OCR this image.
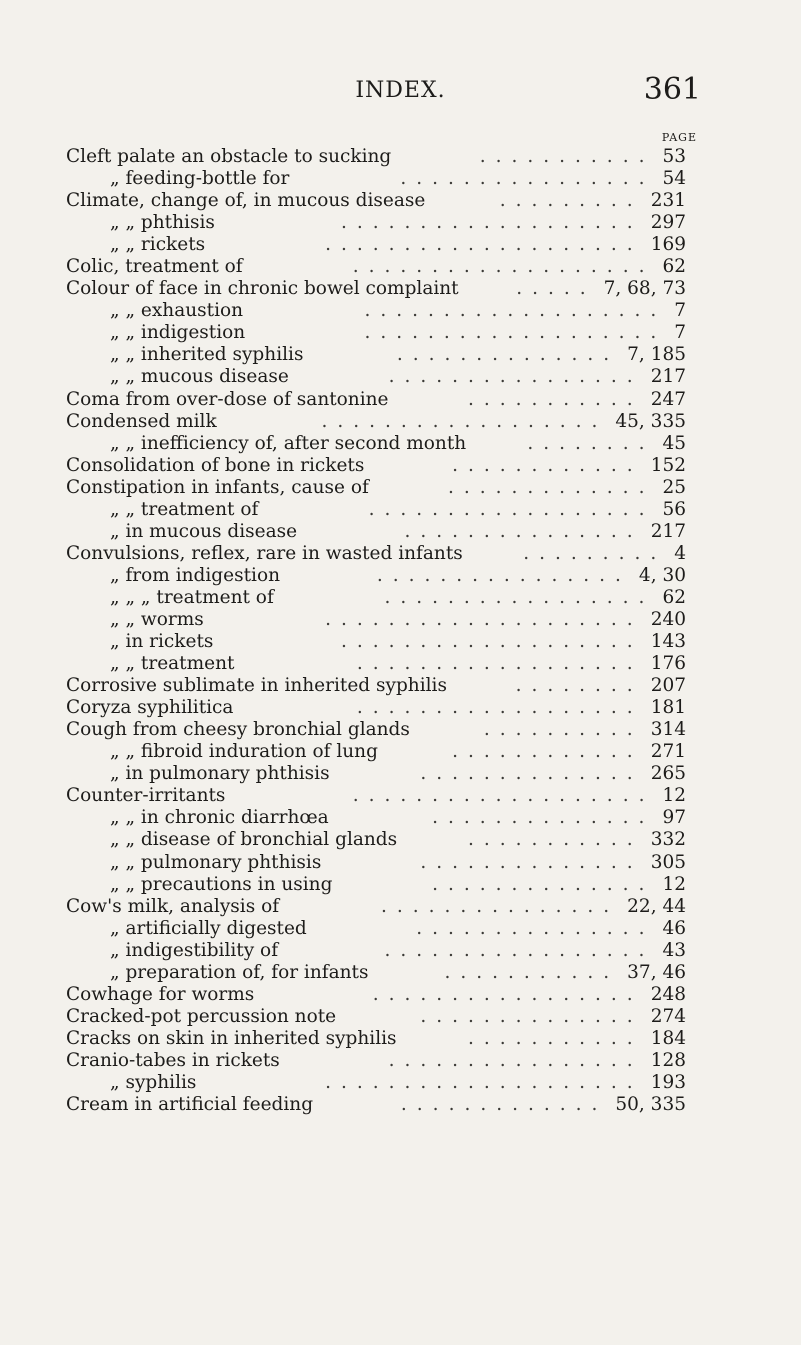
INDEX.	361
PAGE
Cleft palate an obstacle to sucking	........... 53
„ feeding-bottle for	................ 54
Climate, change of, in mucous disease	......... 231
„ „ phthisis	................... 297
„ „ rickets	.................... 169
Colic, treatment of	................... 62
Colour of face in chronic bowel complaint	..... 7, 68, 73
„ „ exhaustion	................... 7
„ „ indigestion	................... 7
„ „ inherited syphilis	.............. 7, 185
„ „ mucous disease	................ 217
Coma from over-dose of santonine	........... 247
Condensed milk	.................. 45, 335
„ „ inefficiency of, after second month	........ 45
Consolidation of bone in rickets	............ 152
Constipation in infants, cause of	............. 25
„ „ treatment of	.................. 56
„ in mucous disease	............... 217
Convulsions, reflex, rare in wasted infants	......... 4
„ from indigestion	................ 4, 30
„ „ „ treatment of	................. 62
„ „ worms	.................... 240
„ in rickets	................... 143
„ „ treatment	.................. 176
Corrosive sublimate in inherited syphilis	........ 207
Coryza syphilitica	.................. 181
Cough from cheesy bronchial glands	.......... 314
„ „ fibroid induration of lung	............ 271
„ in pulmonary phthisis	.............. 265
Counter-irritants	................... 12
„ „ in chronic diarrhœa	.............. 97
„ „ disease of bronchial glands	........... 332
„ „ pulmonary phthisis	.............. 305
„ „ precautions in using	.............. 12
Cow's milk, analysis of	............... 22, 44
„ artificially digested	............... 46
„ indigestibility of	................. 43
„ preparation of, for infants	........... 37, 46
Cowhage for worms	................. 248
Cracked-pot percussion note	.............. 274
Cracks on skin in inherited syphilis	........... 184
Cranio-tabes in rickets	................ 128
„ syphilis	.................... 193
Cream in artificial feeding	............. 50, 335
